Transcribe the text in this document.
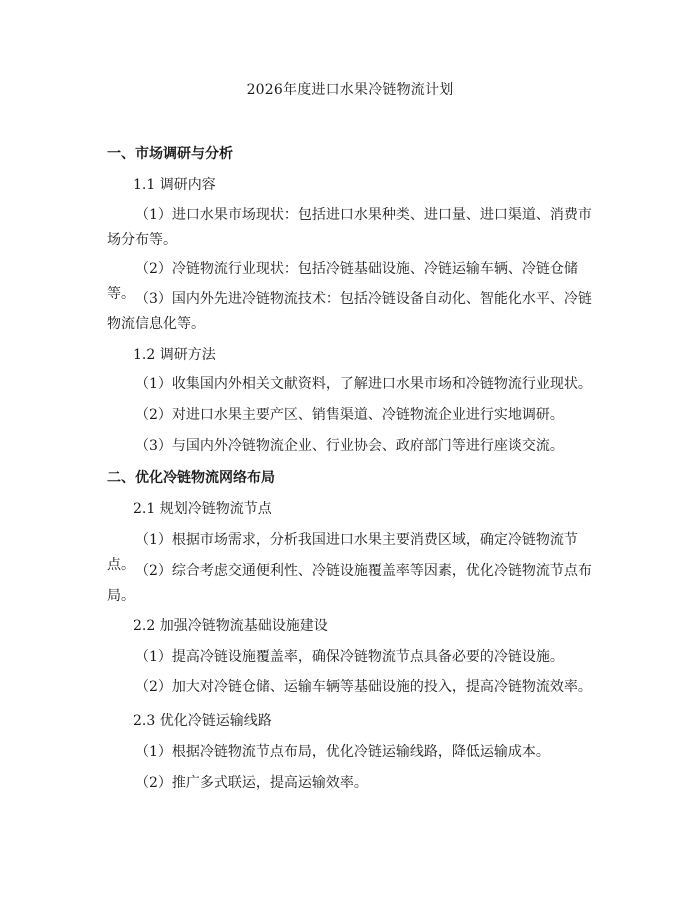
2026年度进口水果冷链物流计划
一、市场调研与分析
1.1 调研内容

（1）进口水果市场现状：包括进口水果种类、进口量、进口渠道、消费市场分布等。

（2）冷链物流行业现状：包括冷链基础设施、冷链运输车辆、冷链仓储等。 （3）国内外先进冷链物流技术：包括冷链设备自动化、智能化水平、冷链物流信息化等。

1.2 调研方法

（1）收集国内外相关文献资料，了解进口水果市场和冷链物流行业现状。

（2）对进口水果主要产区、销售渠道、冷链物流企业进行实地调研。

（3）与国内外冷链物流企业、行业协会、政府部门等进行座谈交流。

二、优化冷链物流网络布局
2.1 规划冷链物流节点

（1）根据市场需求，分析我国进口水果主要消费区域，确定冷链物流节点。 （2）综合考虑交通便利性、冷链设施覆盖率等因素，优化冷链物流节点布局。

2.2 加强冷链物流基础设施建设

（1）提高冷链设施覆盖率，确保冷链物流节点具备必要的冷链设施。

（2）加大对冷链仓储、运输车辆等基础设施的投入，提高冷链物流效率。

2.3 优化冷链运输线路

（1）根据冷链物流节点布局，优化冷链运输线路，降低运输成本。

（2）推广多式联运，提高运输效率。
